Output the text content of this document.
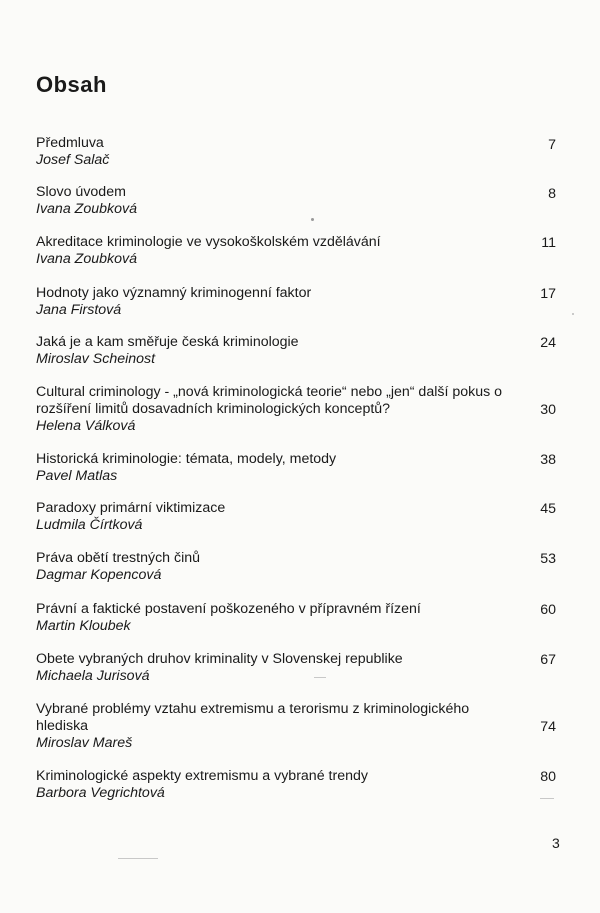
Obsah
Předmluva
Josef Salač
7
Slovo úvodem
Ivana Zoubková
8
Akreditace kriminologie ve vysokoškolském vzdělávání
Ivana Zoubková
11
Hodnoty jako významný kriminogenní faktor
Jana Firstová
17
Jaká je a kam směřuje česká kriminologie
Miroslav Scheinost
24
Cultural criminology - „nová kriminologická teorie“ nebo „jen“ další pokus o rozšíření limitů dosavadních kriminologických konceptů?
Helena Válková
30
Historická kriminologie: témata, modely, metody
Pavel Matlas
38
Paradoxy primární viktimizace
Ludmila Čírtková
45
Práva obětí trestných činů
Dagmar Kopencová
53
Právní a faktické postavení poškozeného v přípravném řízení
Martin Kloubek
60
Obete vybraných druhov kriminality v Slovenskej republike
Michaela Jurisová
67
Vybrané problémy vztahu extremismu a terorismu z kriminologického hlediska
Miroslav Mareš
74
Kriminologické aspekty extremismu a vybrané trendy
Barbora Vegrichtová
80
3
